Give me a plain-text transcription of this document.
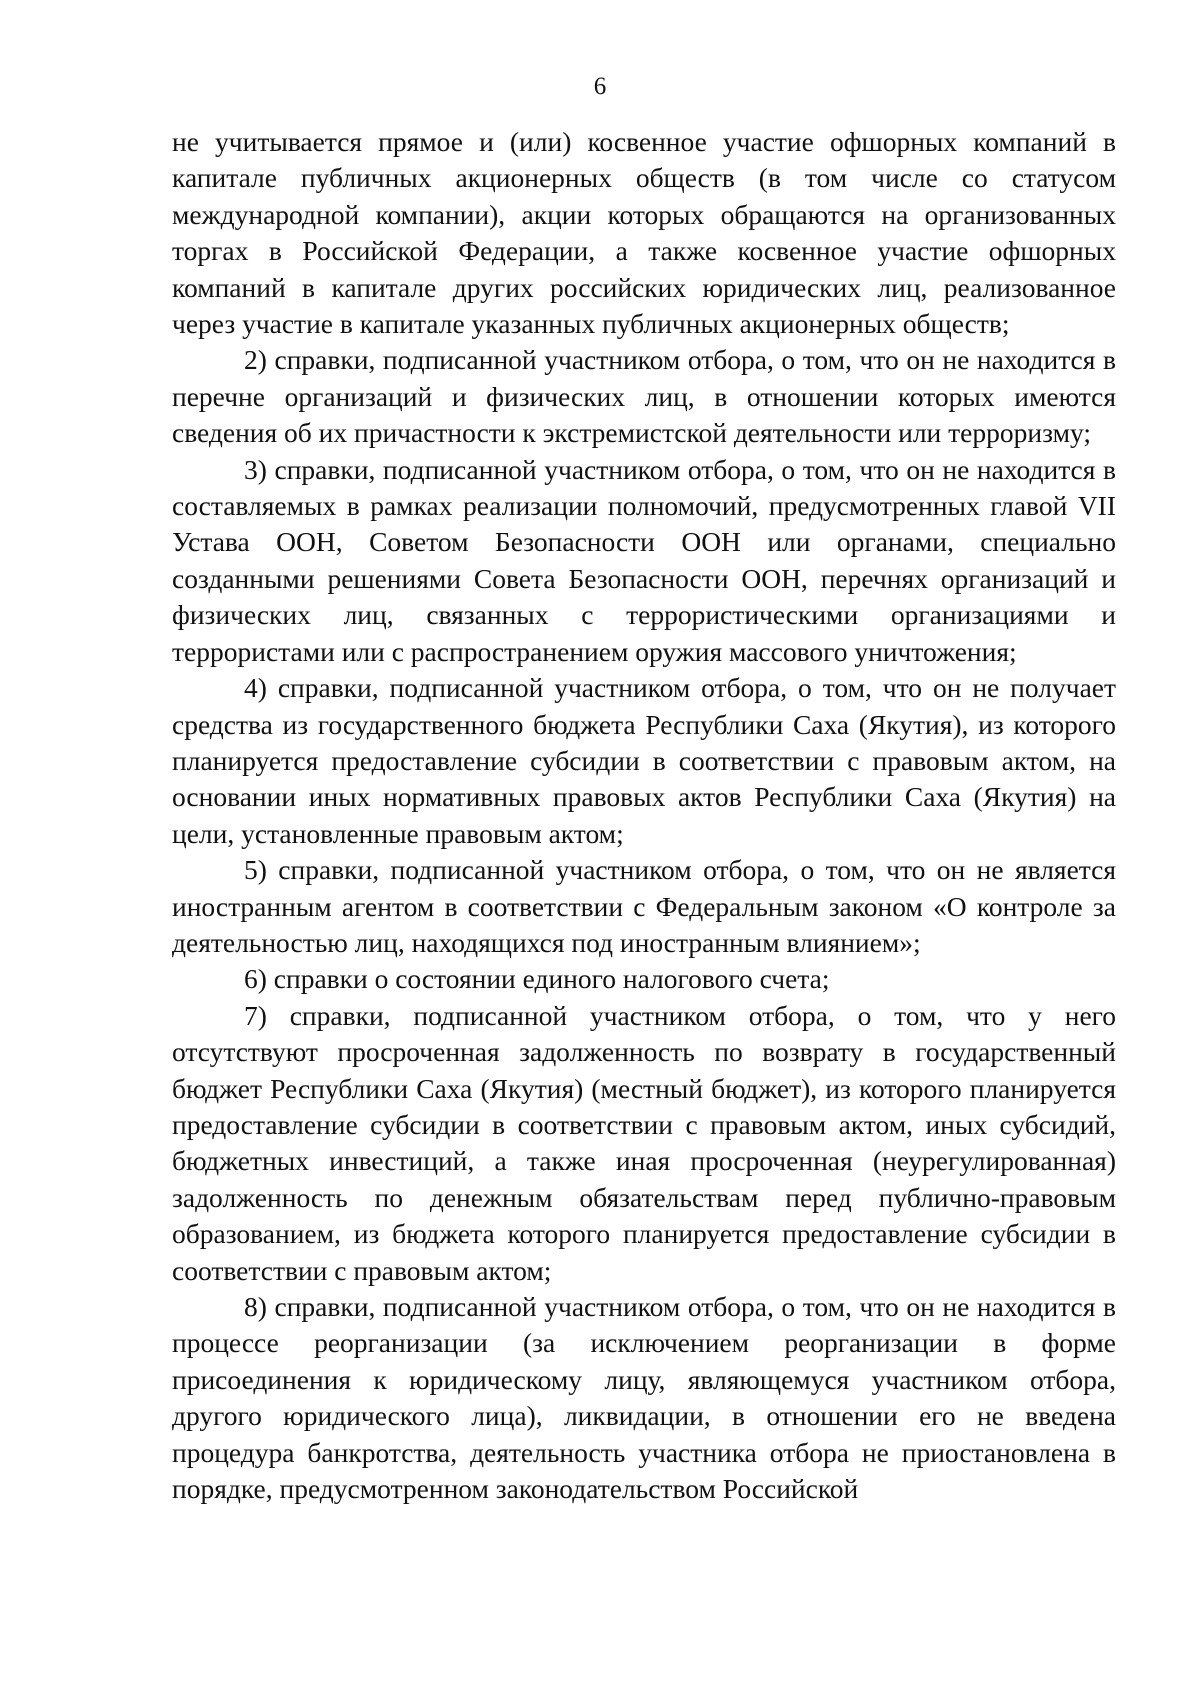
6

не учитывается прямое и (или) косвенное участие офшорных компаний в капитале публичных акционерных обществ (в том числе со статусом международной компании), акции которых обращаются на организованных торгах в Российской Федерации, а также косвенное участие офшорных компаний в капитале других российских юридических лиц, реализованное через участие в капитале указанных публичных акционерных обществ;

2) справки, подписанной участником отбора, о том, что он не находится в перечне организаций и физических лиц, в отношении которых имеются сведения об их причастности к экстремистской деятельности или терроризму;

3) справки, подписанной участником отбора, о том, что он не находится в составляемых в рамках реализации полномочий, предусмотренных главой VII Устава ООН, Советом Безопасности ООН или органами, специально созданными решениями Совета Безопасности ООН, перечнях организаций и физических лиц, связанных с террористическими организациями и террористами или с распространением оружия массового уничтожения;

4) справки, подписанной участником отбора, о том, что он не получает средства из государственного бюджета Республики Саха (Якутия), из которого планируется предоставление субсидии в соответствии с правовым актом, на основании иных нормативных правовых актов Республики Саха (Якутия) на цели, установленные правовым актом;

5) справки, подписанной участником отбора, о том, что он не является иностранным агентом в соответствии с Федеральным законом «О контроле за деятельностью лиц, находящихся под иностранным влиянием»;

6) справки о состоянии единого налогового счета;

7) справки, подписанной участником отбора, о том, что у него отсутствуют просроченная задолженность по возврату в государственный бюджет Республики Саха (Якутия) (местный бюджет), из которого планируется предоставление субсидии в соответствии с правовым актом, иных субсидий, бюджетных инвестиций, а также иная просроченная (неурегулированная) задолженность по денежным обязательствам перед публично-правовым образованием, из бюджета которого планируется предоставление субсидии в соответствии с правовым актом;

8) справки, подписанной участником отбора, о том, что он не находится в процессе реорганизации (за исключением реорганизации в форме присоединения к юридическому лицу, являющемуся участником отбора, другого юридического лица), ликвидации, в отношении его не введена процедура банкротства, деятельность участника отбора не приостановлена в порядке, предусмотренном законодательством Российской
